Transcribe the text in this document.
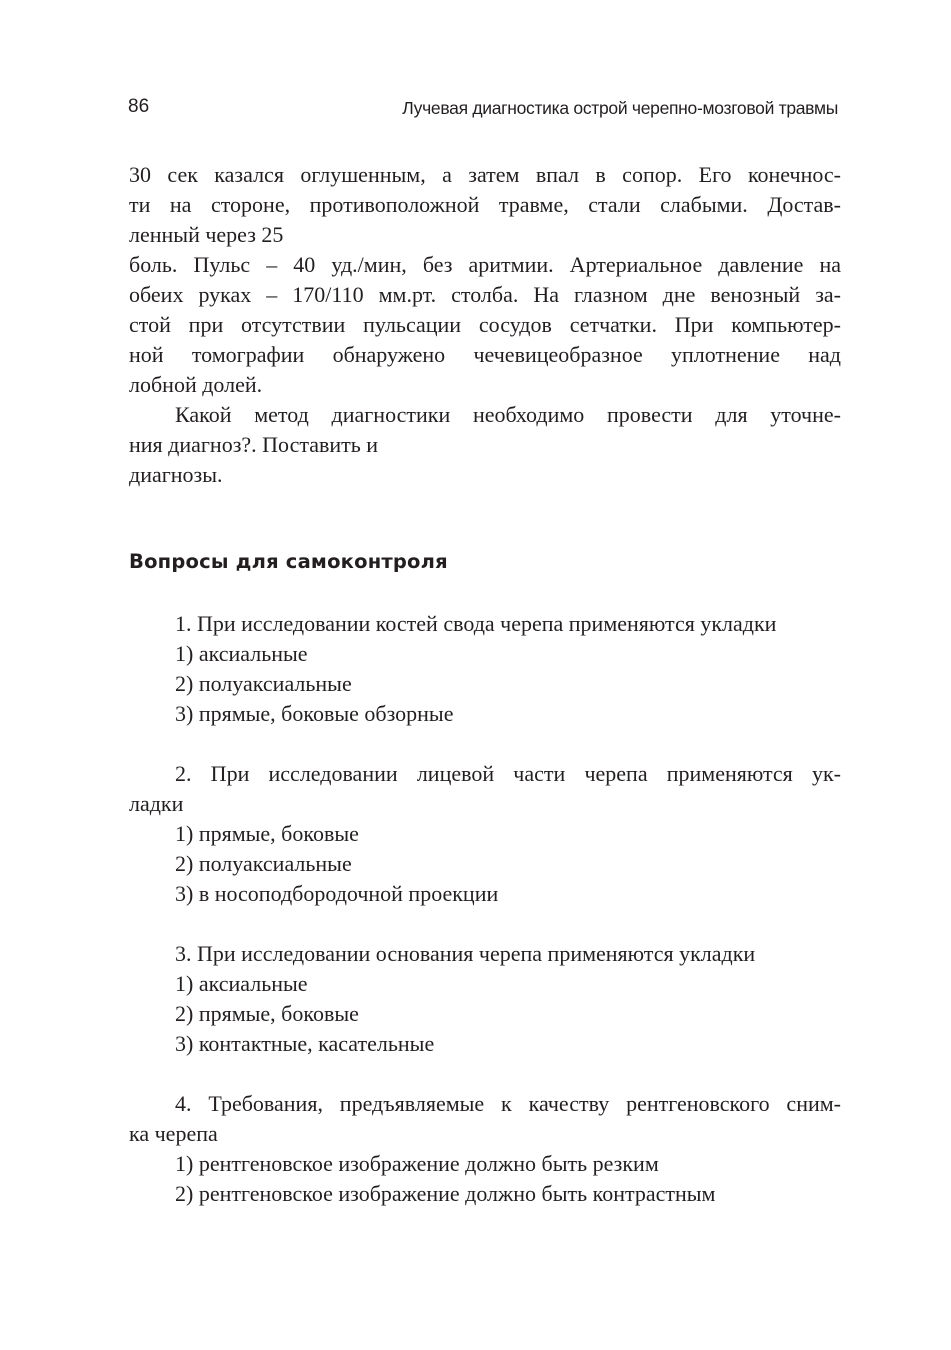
86	Лучевая диагностика острой черепно-мозговой травмы
30 сек казался оглушенным, а затем впал в сопор. Его конечнос-
ти на стороне, противоположной травме, стали слабыми. Достав-
ленный через 25
боль. Пульс – 40 уд./мин, без аритмии. Артериальное давление на
обеих руках – 170/110 мм.рт. столба. На глазном дне венозный за-
стой при отсутствии пульсации сосудов сетчатки. При компьютер-
ной томографии обнаружено чечевицеобразное уплотнение над
лобной долей.
Какой метод диагностики необходимо провести для уточне-
ния диагноз?. Поставить и
диагнозы.
Вопросы для самоконтроля
1. При исследовании костей свода черепа применяются укладки
1) аксиальные
2) полуаксиальные
3) прямые, боковые обзорные
2. При исследовании лицевой части черепа применяются ук-
ладки
1) прямые, боковые
2) полуаксиальные
3) в носоподбородочной проекции
3. При исследовании основания черепа применяются укладки
1) аксиальные
2) прямые, боковые
3) контактные, касательные
4. Требования, предъявляемые к качеству рентгеновского сним-
ка черепа
1) рентгеновское изображение должно быть резким
2) рентгеновское изображение должно быть контрастным
